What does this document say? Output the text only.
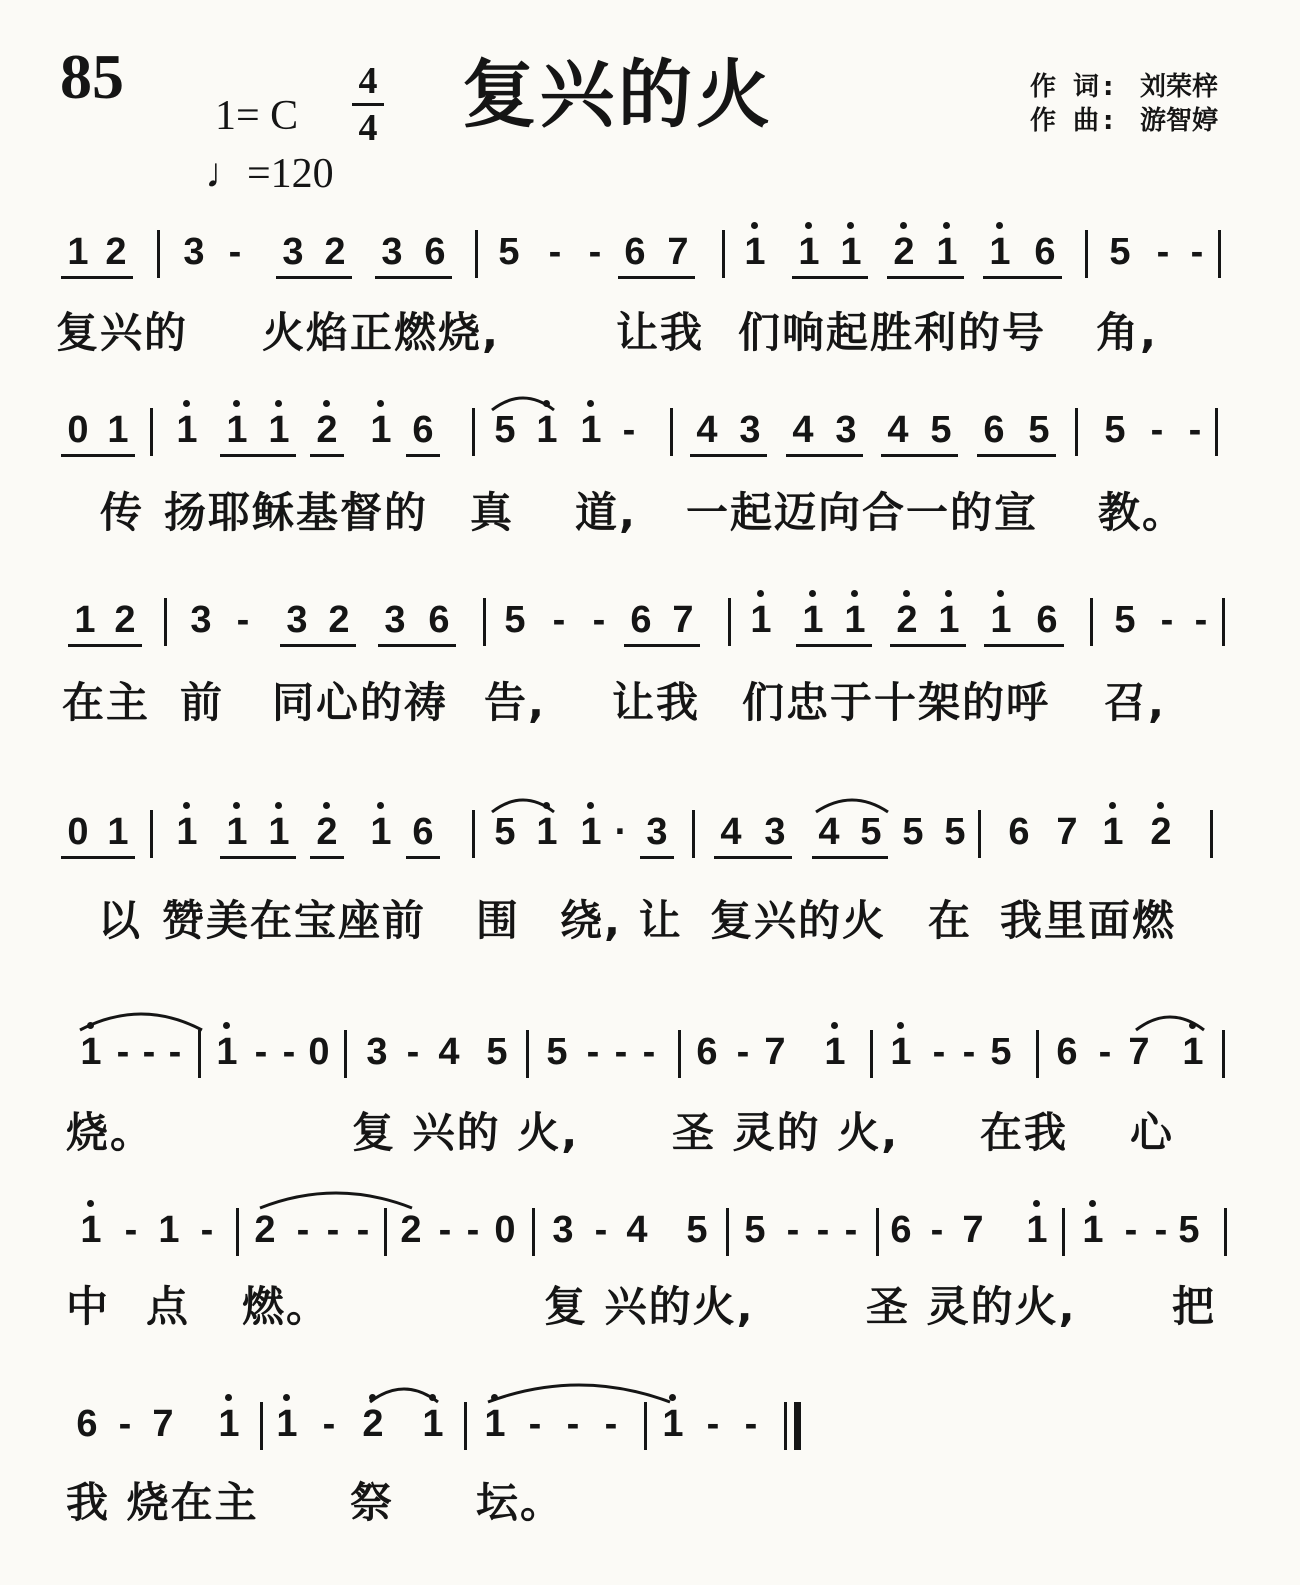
85	复兴的火
1= C
4
4
♩=120
作 词: 刘荣梓
作 曲: 游智婷
1 2 3 - 3 2 3 6 5 - - 6 7 1 1 1 2 1 1 6 5 - -
复兴的 火焰正燃烧,	让我 们响起胜利的号 角,
0 1 1 1 1 2 1 6 5 1 1 - 4 3 4 3 4 5 6 5 5 - -
传 扬耶稣基督的 真 道, 一起迈向合一的宣 教。
1 2 3 - 3 2 3 6 5 - - 6 7 1 1 1 2 1 1 6 5 - -
在主 前 同心的祷 告, 让我 们忠于十架的呼 召,
0 1 1 1 1 2 1 6 5 1 1 · 3 4 3 4 5 5 5 6 7 1 2
以 赞美在宝座前 围 绕, 让 复兴的火 在 我里面燃
1 - - - 1 - - 0 3 - 4 5 5 - - - 6 - 7 1 1 - - 5 6 - 7 1
烧。	复 兴的 火, 圣 灵的 火, 在我 心
1 - 1 - 2 - - - 2 - - 0 3 - 4 5 5 - - - 6 - 7 1 1 - - 5
中 点 燃。	复 兴的火,	圣 灵的火, 把
6 - 7 1 1 - 2 1 1 - - - 1 - -
我 烧在主 祭 坛。
